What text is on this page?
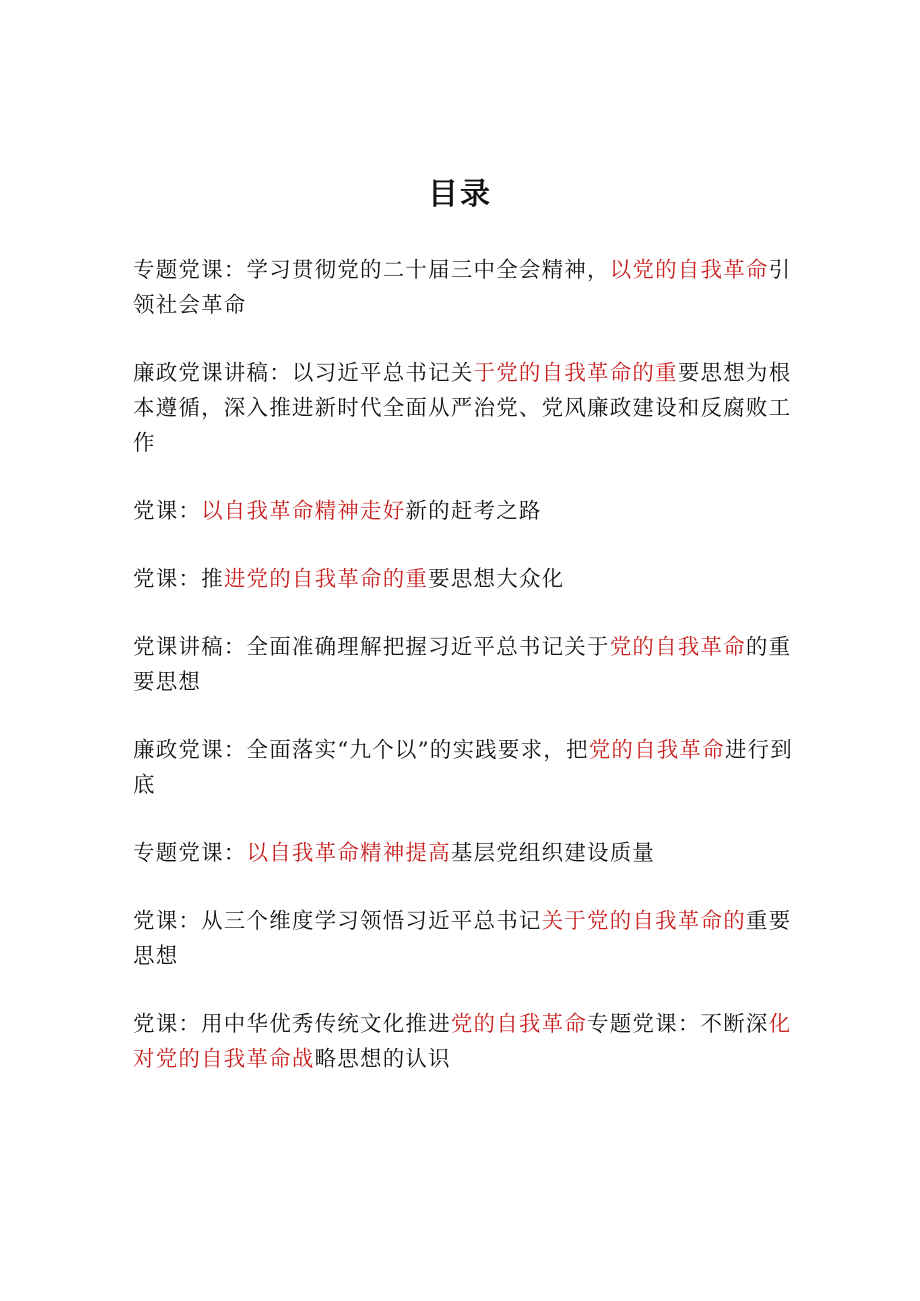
目录
专题党课：学习贯彻党的二十届三中全会精神，以党的自我革命引领社会革命
廉政党课讲稿：以习近平总书记关于党的自我革命的重要思想为根本遵循，深入推进新时代全面从严治党、党风廉政建设和反腐败工作
党课：以自我革命精神走好新的赶考之路
党课：推进党的自我革命的重要思想大众化
党课讲稿：全面准确理解把握习近平总书记关于党的自我革命的重要思想
廉政党课：全面落实“九个以”的实践要求，把党的自我革命进行到底
专题党课：以自我革命精神提高基层党组织建设质量
党课：从三个维度学习领悟习近平总书记关于党的自我革命的重要思想
党课：用中华优秀传统文化推进党的自我革命专题党课：不断深化对党的自我革命战略思想的认识
